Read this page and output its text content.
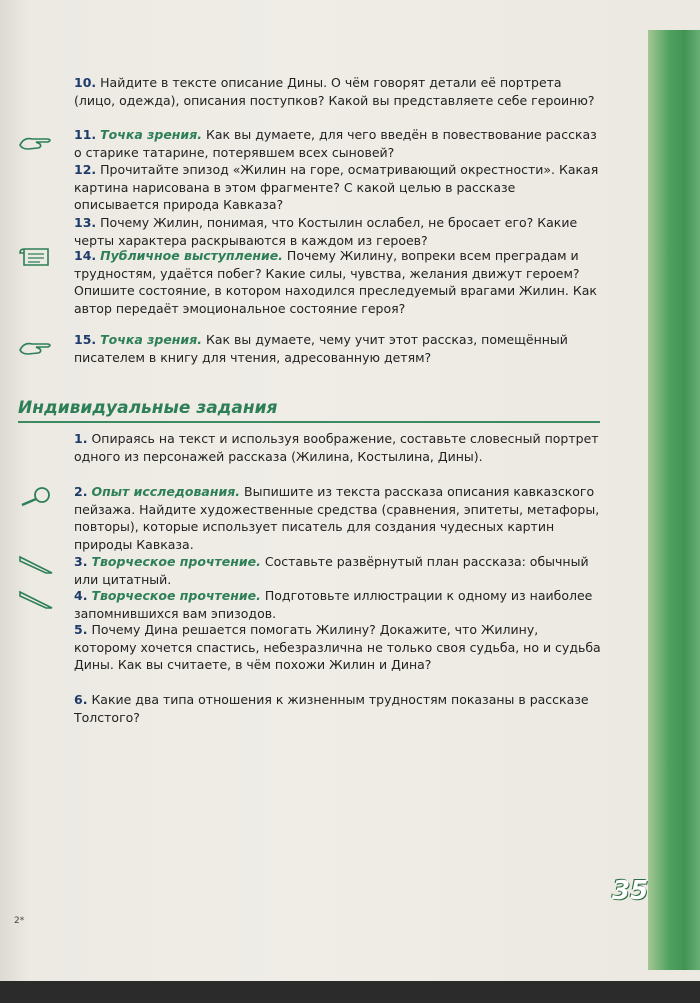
10. Найдите в тексте описание Дины. О чём говорят детали её портрета (лицо, одежда), описания поступков? Какой вы представляете себе героиню?
11. Точка зрения. Как вы думаете, для чего введён в повествование рассказ о старике татарине, потерявшем всех сыновей?
12. Прочитайте эпизод «Жилин на горе, осматривающий окрестности». Какая картина нарисована в этом фрагменте? С какой целью в рассказе описывается природа Кавказа?
13. Почему Жилин, понимая, что Костылин ослабел, не бросает его? Какие черты характера раскрываются в каждом из героев?
14. Публичное выступление. Почему Жилину, вопреки всем преградам и трудностям, удаётся побег? Какие силы, чувства, желания движут героем? Опишите состояние, в котором находился преследуемый врагами Жилин. Как автор передаёт эмоциональное состояние героя?
15. Точка зрения. Как вы думаете, чему учит этот рассказ, помещённый писателем в книгу для чтения, адресованную детям?
Индивидуальные задания
1. Опираясь на текст и используя воображение, составьте словесный портрет одного из персонажей рассказа (Жилина, Костылина, Дины).
2. Опыт исследования. Выпишите из текста рассказа описания кавказского пейзажа. Найдите художественные средства (сравнения, эпитеты, метафоры, повторы), которые использует писатель для создания чудесных картин природы Кавказа.
3. Творческое прочтение. Составьте развёрнутый план рассказа: обычный или цитатный.
4. Творческое прочтение. Подготовьте иллюстрации к одному из наиболее запомнившихся вам эпизодов.
5. Почему Дина решается помогать Жилину? Докажите, что Жилину, которому хочется спастись, небезразлична не только своя судьба, но и судьба Дины. Как вы считаете, в чём похожи Жилин и Дина?
6. Какие два типа отношения к жизненным трудностям показаны в рассказе Толстого?
35
2*
